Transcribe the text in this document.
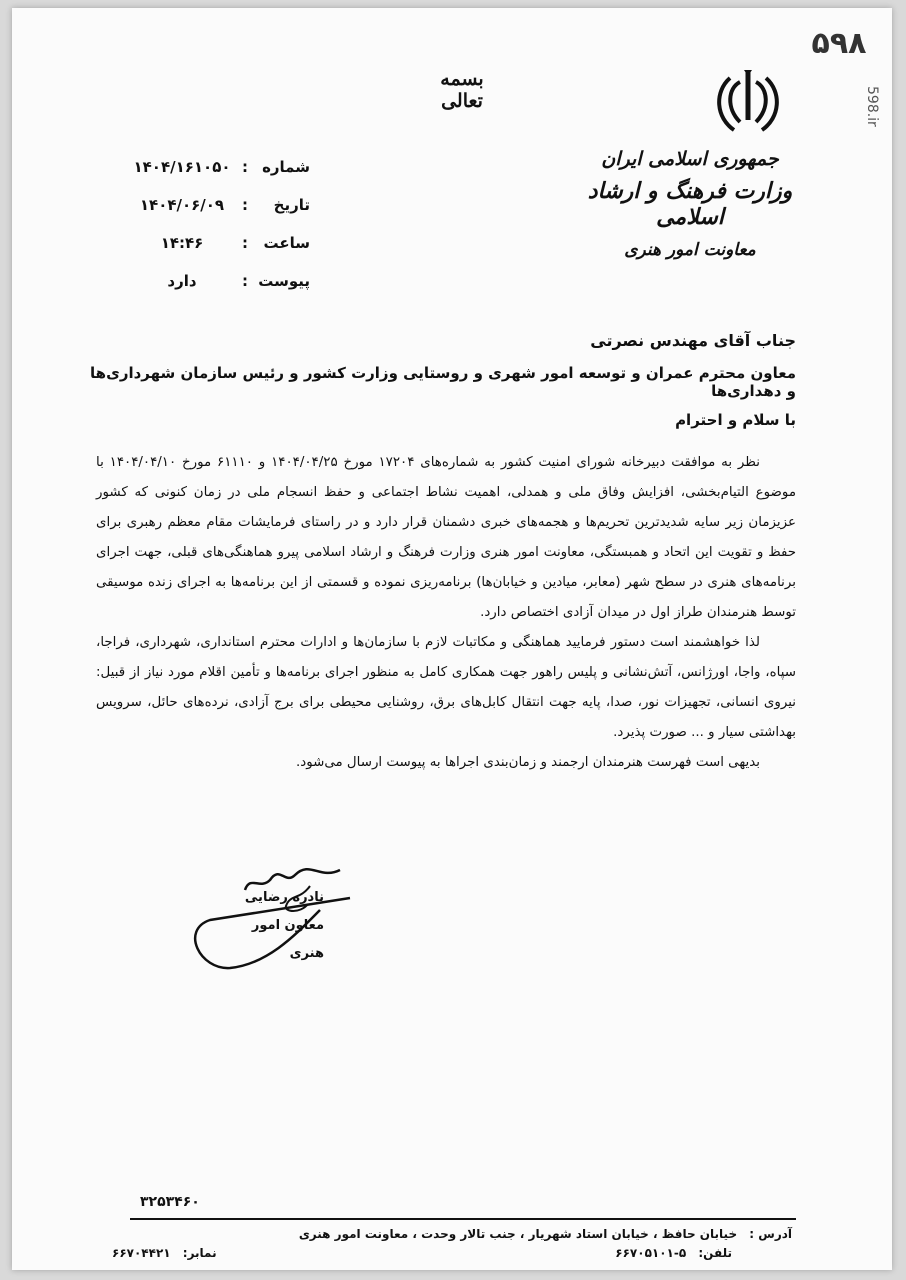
۵۹۸
598.ir
بسمه تعالی
جمهوری اسلامی ایران
وزارت فرهنگ و ارشاد اسلامی
معاونت امور هنری
شماره
:
۱۴۰۴/۱۶۱۰۵۰
تاریخ
:
۱۴۰۴/۰۶/۰۹
ساعت
:
۱۴:۴۶
پیوست
:
دارد
جناب آقای مهندس نصرتی
معاون محترم عمران و توسعه امور شهری و روستایی وزارت کشور و رئیس سازمان شهرداری‌ها و دهداری‌ها
با سلام و احترام

نظر به موافقت دبیرخانه شورای امنیت کشور به شماره‌های ۱۷۲۰۴ مورخ ۱۴۰۴/۰۴/۲۵ و ۶۱۱۱۰ مورخ ۱۴۰۴/۰۴/۱۰ با موضوع التیام‌بخشی، افزایش وفاق ملی و همدلی، اهمیت نشاط اجتماعی و حفظ انسجام ملی در زمان کنونی که کشور عزیزمان زیر سایه شدیدترین تحریم‌ها و هجمه‌های خبری دشمنان قرار دارد و در راستای فرمایشات مقام معظم رهبری برای حفظ و تقویت این اتحاد و همبستگی، معاونت امور هنری وزارت فرهنگ و ارشاد اسلامی پیرو هماهنگی‌های قبلی، جهت اجرای برنامه‌های هنری در سطح شهر (معابر، میادین و خیابان‌ها) برنامه‌ریزی نموده و قسمتی از این برنامه‌ها به اجرای زنده موسیقی توسط هنرمندان طراز اول در میدان آزادی اختصاص دارد.

لذا خواهشمند است دستور فرمایید هماهنگی و مکاتبات لازم با سازمان‌ها و ادارات محترم استانداری، شهرداری، فراجا، سپاه، واجا، اورژانس، آتش‌نشانی و پلیس راهور جهت همکاری کامل به منظور اجرای برنامه‌ها و تأمین اقلام مورد نیاز از قبیل: نیروی انسانی، تجهیزات نور، صدا، پایه جهت انتقال کابل‌های برق، روشنایی محیطی برای برج آزادی، نرده‌های حائل، سرویس بهداشتی سیار و ... صورت پذیرد.

بدیهی است فهرست هنرمندان ارجمند و زمان‌بندی اجراها به پیوست ارسال می‌شود.

نادره رضایی
معاون امور هنری
۳۲۵۳۴۶۰
آدرس : خیابان حافظ ، خیابان استاد شهریار ، جنب تالار وحدت ، معاونت امور هنری
تلفن: ۵-۶۶۷۰۵۱۰۱
نمابر: ۶۶۷۰۴۴۲۱
